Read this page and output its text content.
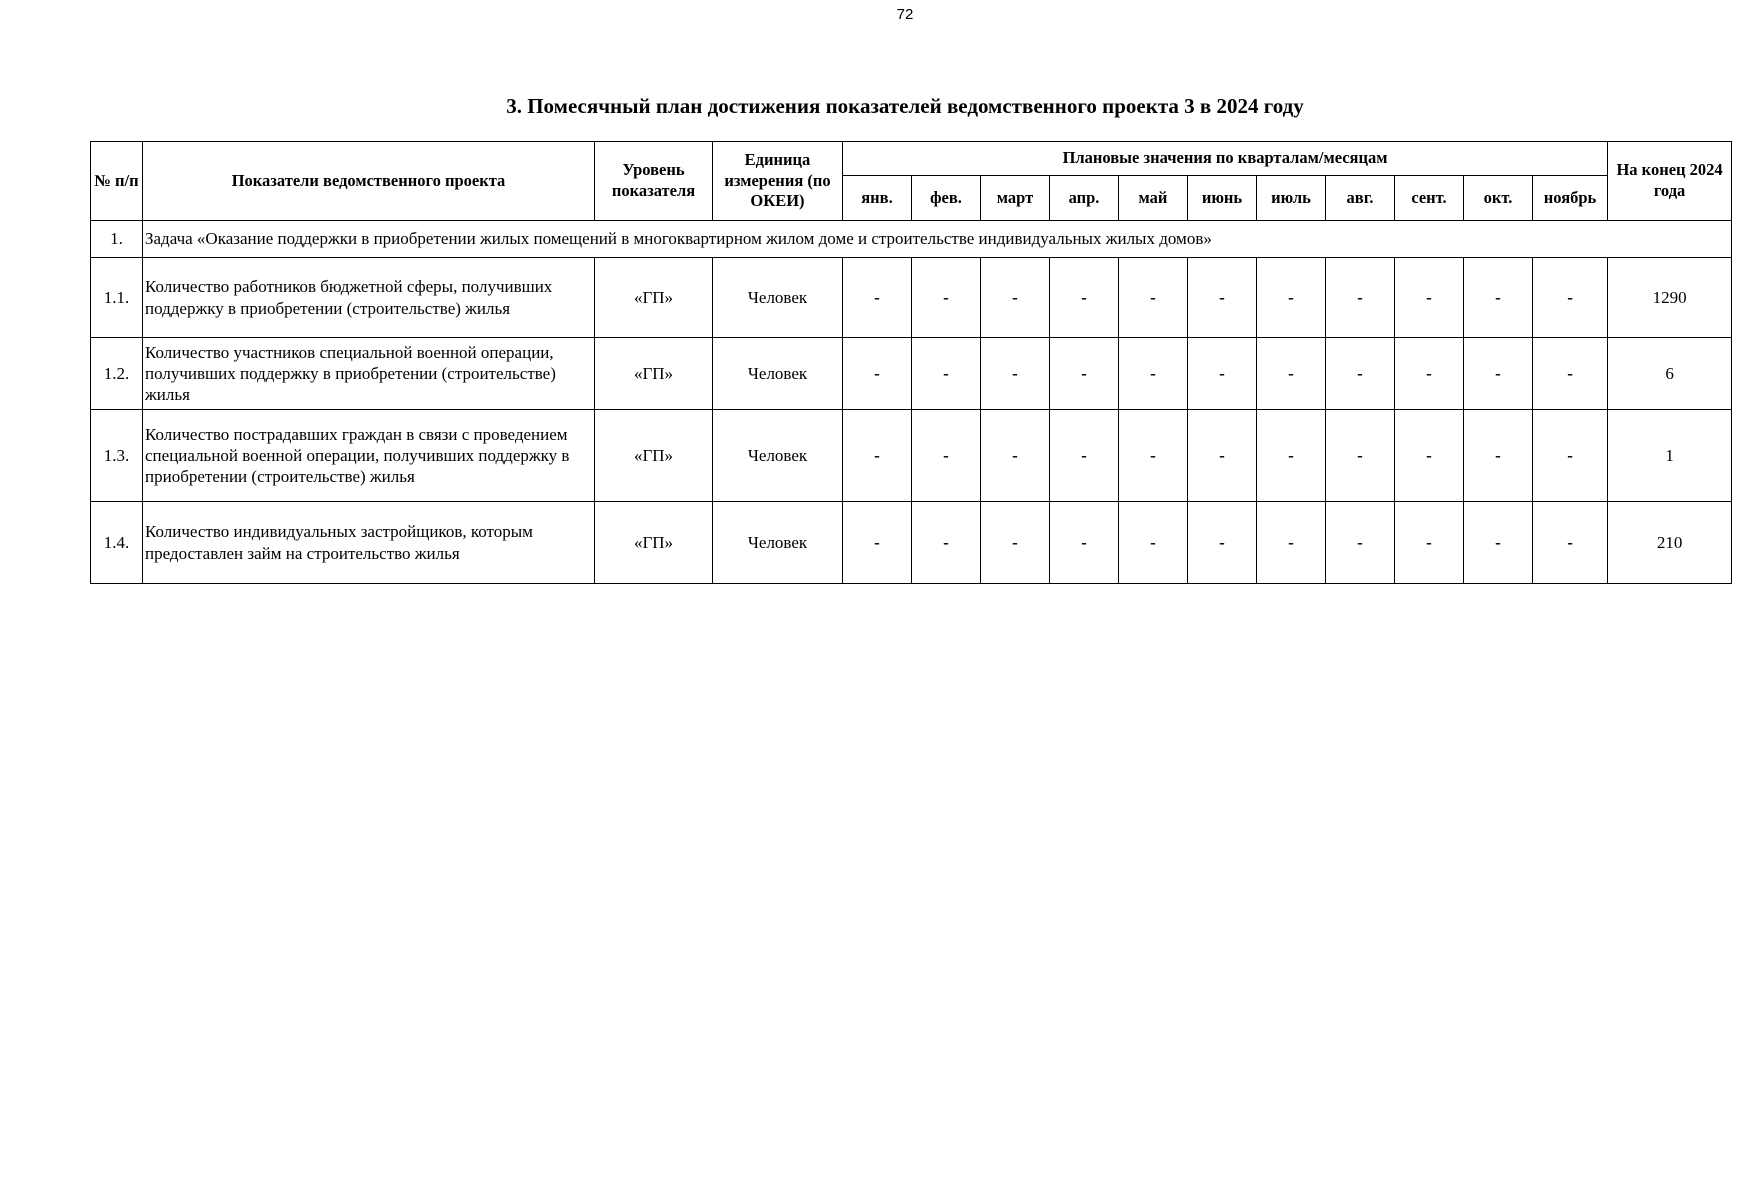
72
3. Помесячный план достижения показателей ведомственного проекта 3 в 2024 году
№ п/п	Показатели ведомственного проекта	Уровень показателя	Единица измерения (по ОКЕИ)	Плановые значения по кварталам/месяцам											На конец 2024 года
				янв.	фев.	март	апр.	май	июнь	июль	авг.	сент.	окт.	ноябрь	
1.	Задача «Оказание поддержки в приобретении жилых помещений в многоквартирном жилом доме и строительстве индивидуальных жилых домов»														
1.1.	Количество работников бюджетной сферы, получивших поддержку в приобретении (строительстве) жилья	«ГП»	Человек	-	-	-	-	-	-	-	-	-	-	-	1290
1.2.	Количество участников специальной военной операции, получивших поддержку в приобретении (строительстве) жилья	«ГП»	Человек	-	-	-	-	-	-	-	-	-	-	-	6
1.3.	Количество пострадавших граждан в связи с проведением специальной военной операции, получивших поддержку в приобретении (строительстве) жилья	«ГП»	Человек	-	-	-	-	-	-	-	-	-	-	-	1
1.4.	Количество индивидуальных застройщиков, которым предоставлен займ на строительство жилья	«ГП»	Человек	-	-	-	-	-	-	-	-	-	-	-	210
